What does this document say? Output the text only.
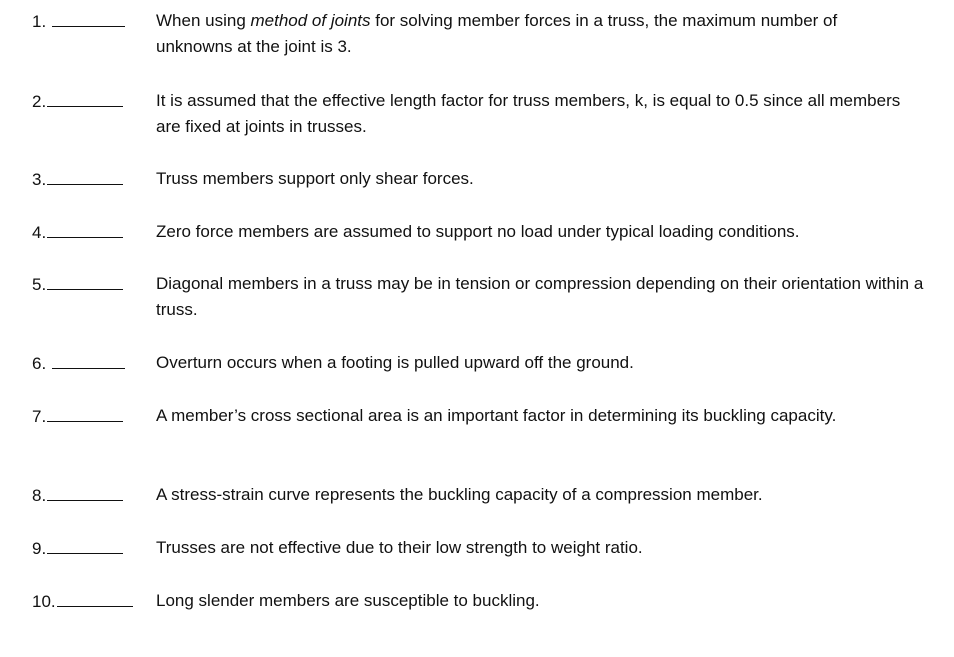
1.	When using method of joints for solving member forces in a truss, the maximum number of unknowns at the joint is 3.
2.	It is assumed that the effective length factor for truss members, k, is equal to 0.5 since all members are fixed at joints in trusses.
3.	Truss members support only shear forces.
4.	Zero force members are assumed to support no load under typical loading conditions.
5.	Diagonal members in a truss may be in tension or compression depending on their orientation within a truss.
6.	Overturn occurs when a footing is pulled upward off the ground.
7.	A member’s cross sectional area is an important factor in determining its buckling capacity.
8.	A stress-strain curve represents the buckling capacity of a compression member.
9.	Trusses are not effective due to their low strength to weight ratio.
10.	Long slender members are susceptible to buckling.
